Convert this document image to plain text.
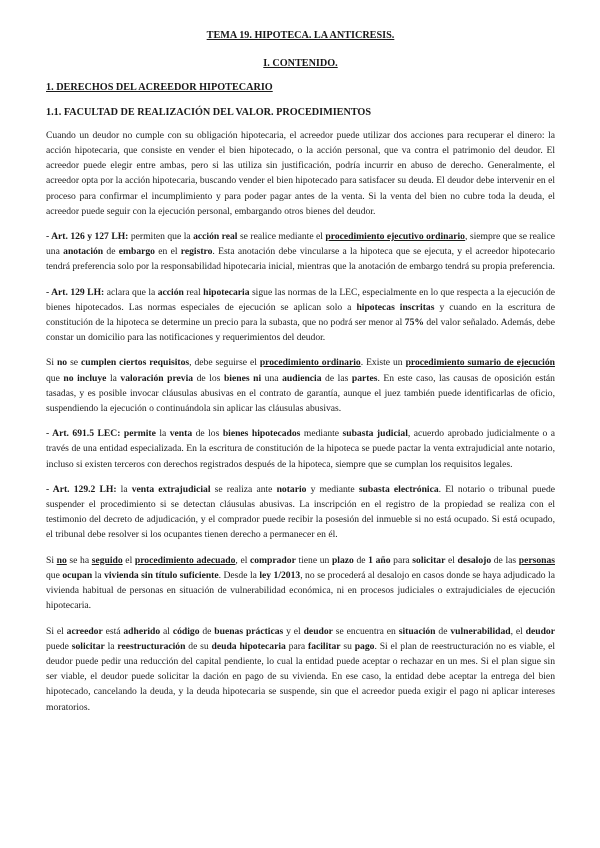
TEMA 19. HIPOTECA. LA ANTICRESIS.
I. CONTENIDO.
1. DERECHOS DEL ACREEDOR HIPOTECARIO
1.1. FACULTAD DE REALIZACIÓN DEL VALOR. PROCEDIMIENTOS

Cuando un deudor no cumple con su obligación hipotecaria, el acreedor puede utilizar dos acciones para recuperar el dinero: la acción hipotecaria, que consiste en vender el bien hipotecado, o la acción personal, que va contra el patrimonio del deudor. El acreedor puede elegir entre ambas, pero si las utiliza sin justificación, podría incurrir en abuso de derecho. Generalmente, el acreedor opta por la acción hipotecaria, buscando vender el bien hipotecado para satisfacer su deuda. El deudor debe intervenir en el proceso para confirmar el incumplimiento y para poder pagar antes de la venta. Si la venta del bien no cubre toda la deuda, el acreedor puede seguir con la ejecución personal, embargando otros bienes del deudor.

- Art. 126 y 127 LH: permiten que la acción real se realice mediante el procedimiento ejecutivo ordinario, siempre que se realice una anotación de embargo en el registro. Esta anotación debe vincularse a la hipoteca que se ejecuta, y el acreedor hipotecario tendrá preferencia solo por la responsabilidad hipotecaria inicial, mientras que la anotación de embargo tendrá su propia preferencia.

- Art. 129 LH: aclara que la acción real hipotecaria sigue las normas de la LEC, especialmente en lo que respecta a la ejecución de bienes hipotecados. Las normas especiales de ejecución se aplican solo a hipotecas inscritas y cuando en la escritura de constitución de la hipoteca se determine un precio para la subasta, que no podrá ser menor al 75% del valor señalado. Además, debe constar un domicilio para las notificaciones y requerimientos del deudor.

Si no se cumplen ciertos requisitos, debe seguirse el procedimiento ordinario. Existe un procedimiento sumario de ejecución que no incluye la valoración previa de los bienes ni una audiencia de las partes. En este caso, las causas de oposición están tasadas, y es posible invocar cláusulas abusivas en el contrato de garantía, aunque el juez también puede identificarlas de oficio, suspendiendo la ejecución o continuándola sin aplicar las cláusulas abusivas.

- Art. 691.5 LEC: permite la venta de los bienes hipotecados mediante subasta judicial, acuerdo aprobado judicialmente o a través de una entidad especializada. En la escritura de constitución de la hipoteca se puede pactar la venta extrajudicial ante notario, incluso si existen terceros con derechos registrados después de la hipoteca, siempre que se cumplan los requisitos legales.

- Art. 129.2 LH: la venta extrajudicial se realiza ante notario y mediante subasta electrónica. El notario o tribunal puede suspender el procedimiento si se detectan cláusulas abusivas. La inscripción en el registro de la propiedad se realiza con el testimonio del decreto de adjudicación, y el comprador puede recibir la posesión del inmueble si no está ocupado. Si está ocupado, el tribunal debe resolver si los ocupantes tienen derecho a permanecer en él.

Si no se ha seguido el procedimiento adecuado, el comprador tiene un plazo de 1 año para solicitar el desalojo de las personas que ocupan la vivienda sin título suficiente. Desde la ley 1/2013, no se procederá al desalojo en casos donde se haya adjudicado la vivienda habitual de personas en situación de vulnerabilidad económica, ni en procesos judiciales o extrajudiciales de ejecución hipotecaria.

Si el acreedor está adherido al código de buenas prácticas y el deudor se encuentra en situación de vulnerabilidad, el deudor puede solicitar la reestructuración de su deuda hipotecaria para facilitar su pago. Si el plan de reestructuración no es viable, el deudor puede pedir una reducción del capital pendiente, lo cual la entidad puede aceptar o rechazar en un mes. Si el plan sigue sin ser viable, el deudor puede solicitar la dación en pago de su vivienda. En ese caso, la entidad debe aceptar la entrega del bien hipotecado, cancelando la deuda, y la deuda hipotecaria se suspende, sin que el acreedor pueda exigir el pago ni aplicar intereses moratorios.
